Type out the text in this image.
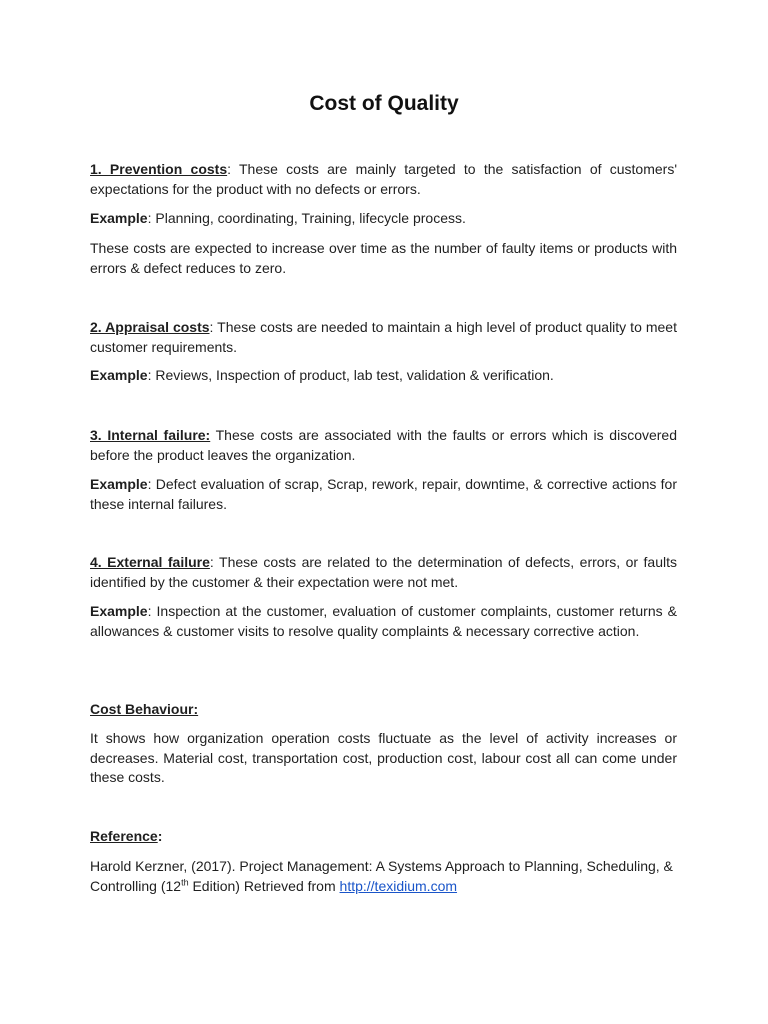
Cost of Quality

1. Prevention costs: These costs are mainly targeted to the satisfaction of customers' expectations for the product with no defects or errors.

Example: Planning, coordinating, Training, lifecycle process.

These costs are expected to increase over time as the number of faulty items or products with errors & defect reduces to zero.

2. Appraisal costs: These costs are needed to maintain a high level of product quality to meet customer requirements.

Example: Reviews, Inspection of product, lab test, validation & verification.

3. Internal failure: These costs are associated with the faults or errors which is discovered before the product leaves the organization.

Example: Defect evaluation of scrap, Scrap, rework, repair, downtime, & corrective actions for these internal failures.

4. External failure: These costs are related to the determination of defects, errors, or faults identified by the customer & their expectation were not met.

Example: Inspection at the customer, evaluation of customer complaints, customer returns & allowances & customer visits to resolve quality complaints & necessary corrective action.

Cost Behaviour:

It shows how organization operation costs fluctuate as the level of activity increases or decreases. Material cost, transportation cost, production cost, labour cost all can come under these costs.

Reference:

Harold Kerzner, (2017). Project Management: A Systems Approach to Planning, Scheduling, & Controlling (12th Edition) Retrieved from http://texidium.com
